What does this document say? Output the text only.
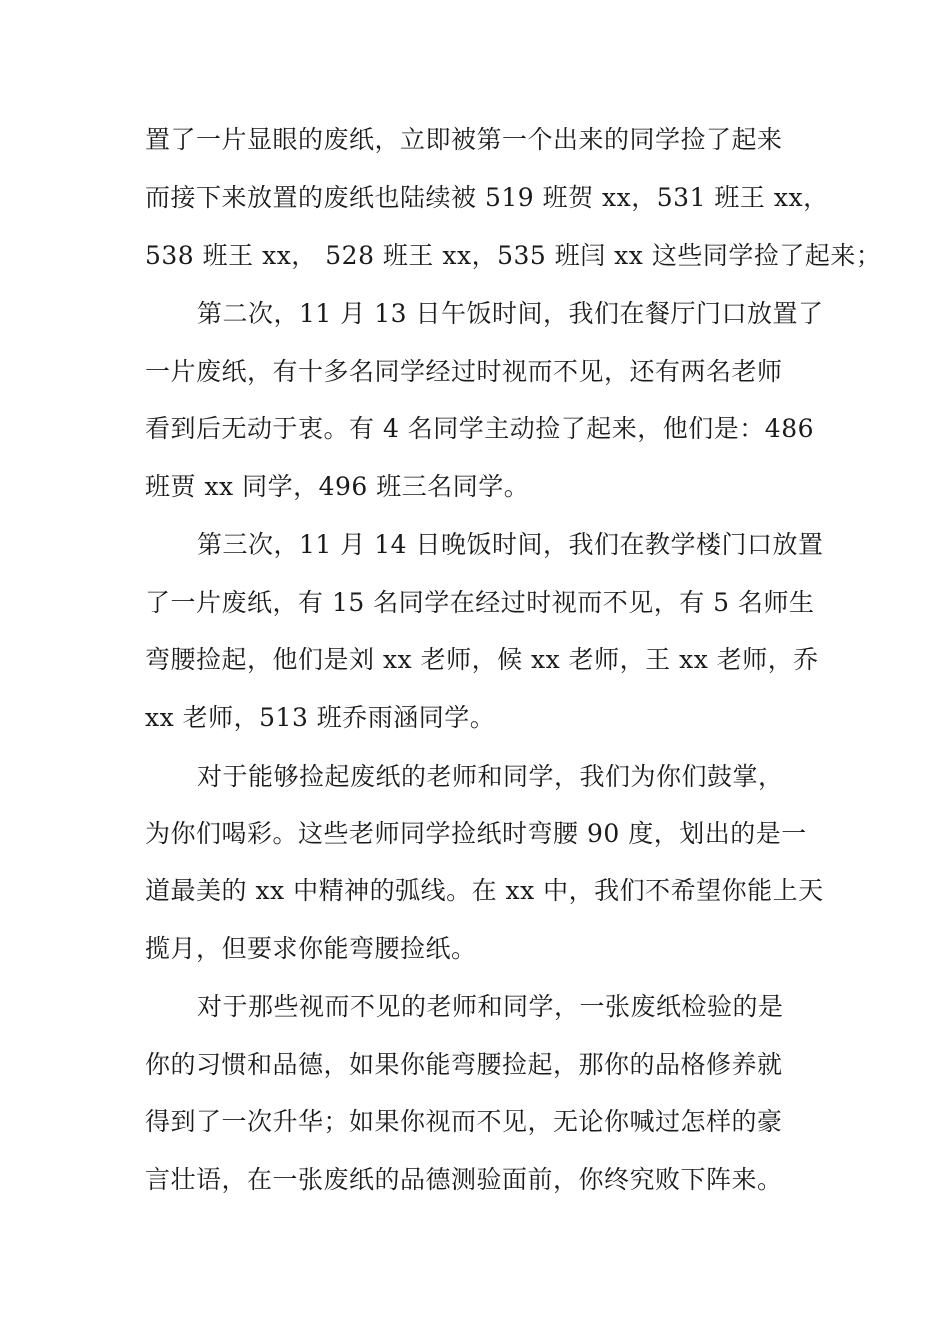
置了一片显眼的废纸，立即被第一个出来的同学捡了起来
而接下来放置的废纸也陆续被 519 班贺 xx，531 班王 xx，
538 班王 xx， 528 班王 xx，535 班闫 xx 这些同学捡了起来；
第二次，11 月 13 日午饭时间，我们在餐厅门口放置了
一片废纸，有十多名同学经过时视而不见，还有两名老师
看到后无动于衷。有 4 名同学主动捡了起来，他们是：486
班贾 xx 同学，496 班三名同学。
第三次，11 月 14 日晚饭时间，我们在教学楼门口放置
了一片废纸，有 15 名同学在经过时视而不见，有 5 名师生
弯腰捡起，他们是刘 xx 老师，候 xx 老师，王 xx 老师，乔
xx 老师，513 班乔雨涵同学。
对于能够捡起废纸的老师和同学，我们为你们鼓掌，
为你们喝彩。这些老师同学捡纸时弯腰 90 度，划出的是一
道最美的 xx 中精神的弧线。在 xx 中，我们不希望你能上天
揽月，但要求你能弯腰捡纸。
对于那些视而不见的老师和同学，一张废纸检验的是
你的习惯和品德，如果你能弯腰捡起，那你的品格修养就
得到了一次升华；如果你视而不见，无论你喊过怎样的豪
言壮语，在一张废纸的品德测验面前，你终究败下阵来。
